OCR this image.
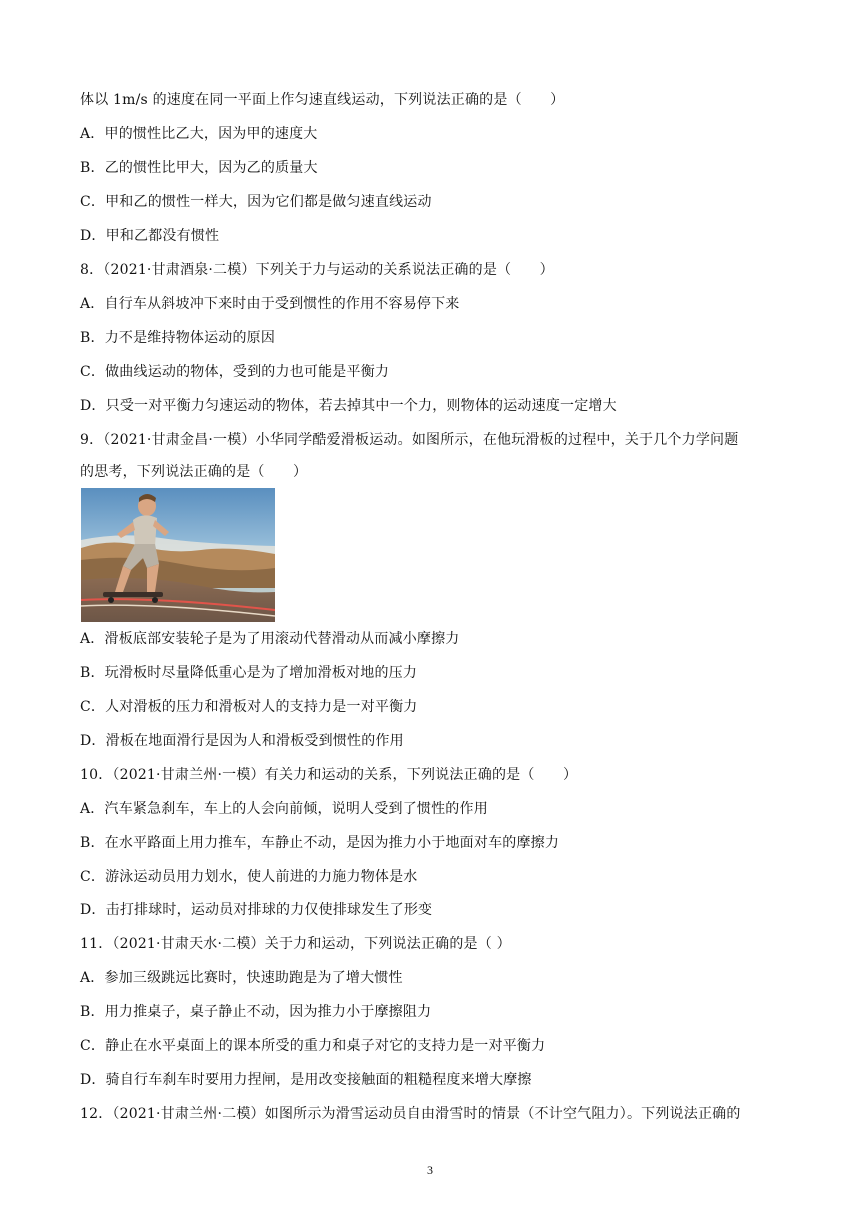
体以 1m/s 的速度在同一平面上作匀速直线运动，下列说法正确的是（　　）
A．甲的惯性比乙大，因为甲的速度大
B．乙的惯性比甲大，因为乙的质量大
C．甲和乙的惯性一样大，因为它们都是做匀速直线运动
D．甲和乙都没有惯性
8．（2021·甘肃酒泉·二模）下列关于力与运动的关系说法正确的是（　　）
A．自行车从斜坡冲下来时由于受到惯性的作用不容易停下来
B．力不是维持物体运动的原因
C．做曲线运动的物体，受到的力也可能是平衡力
D．只受一对平衡力匀速运动的物体，若去掉其中一个力，则物体的运动速度一定增大
9．（2021·甘肃金昌·一模）小华同学酷爱滑板运动。如图所示，在他玩滑板的过程中，关于几个力学问题
的思考，下列说法正确的是（　　）
A．滑板底部安装轮子是为了用滚动代替滑动从而减小摩擦力
B．玩滑板时尽量降低重心是为了增加滑板对地的压力
C．人对滑板的压力和滑板对人的支持力是一对平衡力
D．滑板在地面滑行是因为人和滑板受到惯性的作用
10．（2021·甘肃兰州·一模）有关力和运动的关系，下列说法正确的是（　　）
A．汽车紧急刹车，车上的人会向前倾，说明人受到了惯性的作用
B．在水平路面上用力推车，车静止不动，是因为推力小于地面对车的摩擦力
C．游泳运动员用力划水，使人前进的力施力物体是水
D．击打排球时，运动员对排球的力仅使排球发生了形变
11．（2021·甘肃天水·二模）关于力和运动，下列说法正确的是（ ）
A．参加三级跳远比赛时，快速助跑是为了增大惯性
B．用力推桌子，桌子静止不动，因为推力小于摩擦阻力
C．静止在水平桌面上的课本所受的重力和桌子对它的支持力是一对平衡力
D．骑自行车刹车时要用力捏闸，是用改变接触面的粗糙程度来增大摩擦
12．（2021·甘肃兰州·二模）如图所示为滑雪运动员自由滑雪时的情景（不计空气阻力）。下列说法正确的
3
